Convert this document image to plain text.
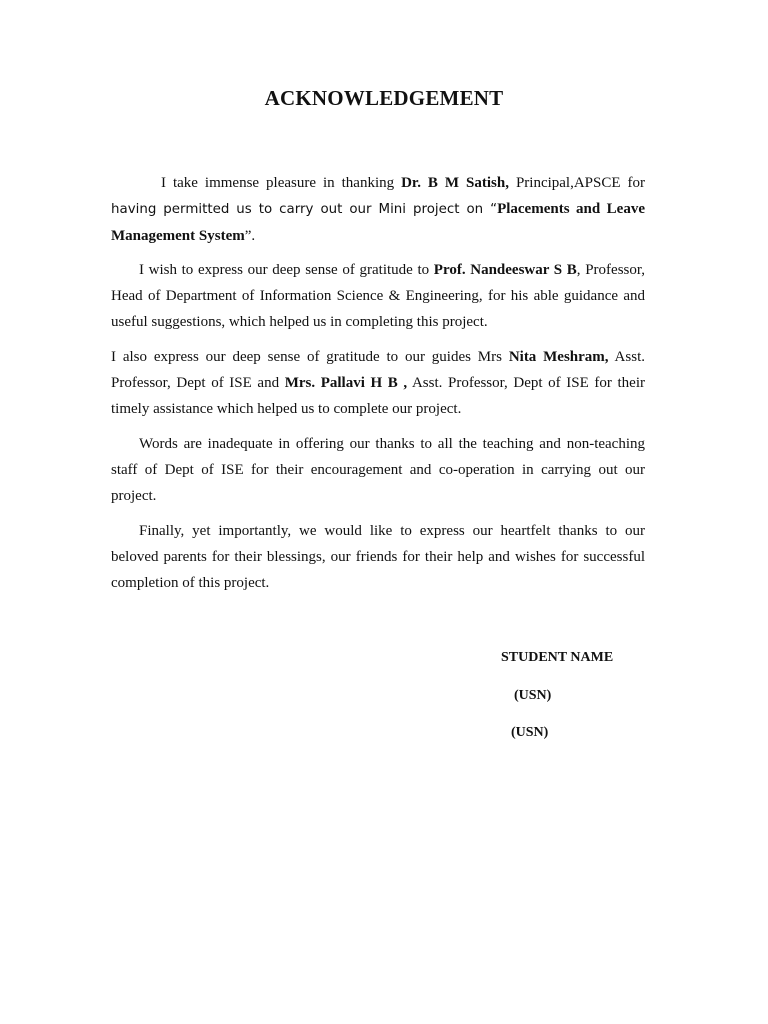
ACKNOWLEDGEMENT

I take immense pleasure in thanking Dr. B M Satish, Principal,APSCE for having permitted us to carry out our Mini project on “Placements and Leave Management System”.

I wish to express our deep sense of gratitude to Prof. Nandeeswar S B, Professor, Head of Department of Information Science & Engineering, for his able guidance and useful suggestions, which helped us in completing this project.

I also express our deep sense of gratitude to our guides Mrs Nita Meshram, Asst. Professor, Dept of ISE and Mrs. Pallavi H B , Asst. Professor, Dept of ISE for their timely assistance which helped us to complete our project.

Words are inadequate in offering our thanks to all the teaching and non-teaching staff of Dept of ISE for their encouragement and co-operation in carrying out our project.

Finally, yet importantly, we would like to express our heartfelt thanks to our beloved parents for their blessings, our friends for their help and wishes for successful completion of this project.

STUDENT NAME

(USN)

(USN)
